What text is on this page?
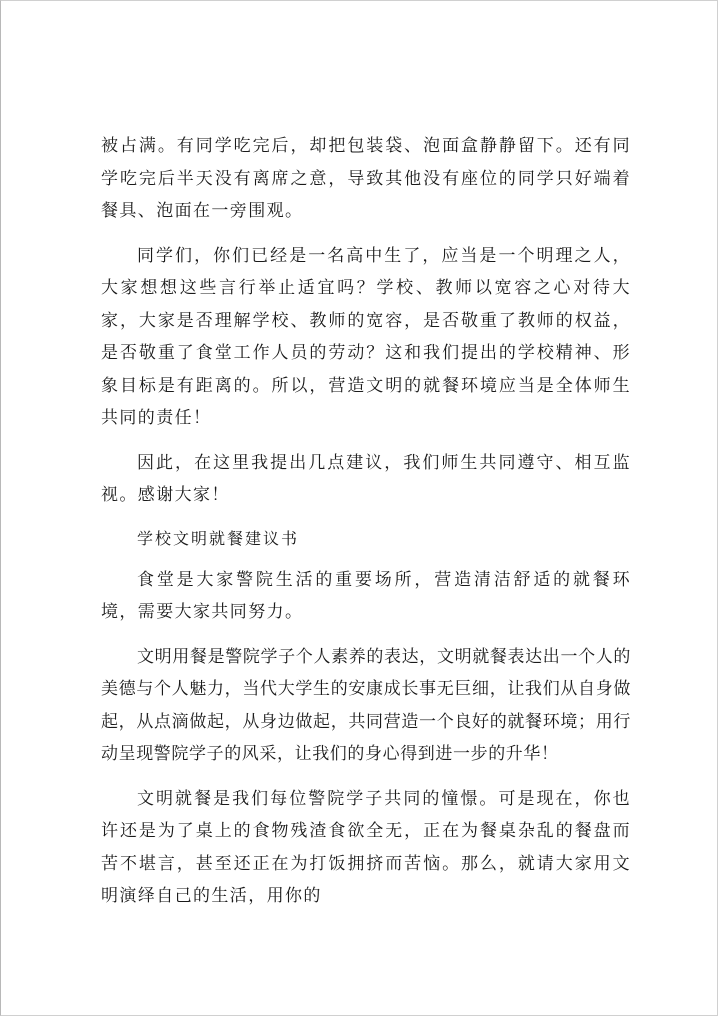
被占满。有同学吃完后，却把包装袋、泡面盒静静留下。还有同学吃完后半天没有离席之意，导致其他没有座位的同学只好端着餐具、泡面在一旁围观。

同学们，你们已经是一名高中生了，应当是一个明理之人，大家想想这些言行举止适宜吗？学校、教师以宽容之心对待大家，大家是否理解学校、教师的宽容，是否敬重了教师的权益，是否敬重了食堂工作人员的劳动？这和我们提出的学校精神、形象目标是有距离的。所以，营造文明的就餐环境应当是全体师生共同的责任！

因此，在这里我提出几点建议，我们师生共同遵守、相互监视。感谢大家！

学校文明就餐建议书

食堂是大家警院生活的重要场所，营造清洁舒适的就餐环境，需要大家共同努力。

文明用餐是警院学子个人素养的表达，文明就餐表达出一个人的美德与个人魅力，当代大学生的安康成长事无巨细，让我们从自身做起，从点滴做起，从身边做起，共同营造一个良好的就餐环境；用行动呈现警院学子的风采，让我们的身心得到进一步的升华！

文明就餐是我们每位警院学子共同的憧憬。可是现在，你也许还是为了桌上的食物残渣食欲全无，正在为餐桌杂乱的餐盘而苦不堪言，甚至还正在为打饭拥挤而苦恼。那么，就请大家用文明演绎自己的生活，用你的
